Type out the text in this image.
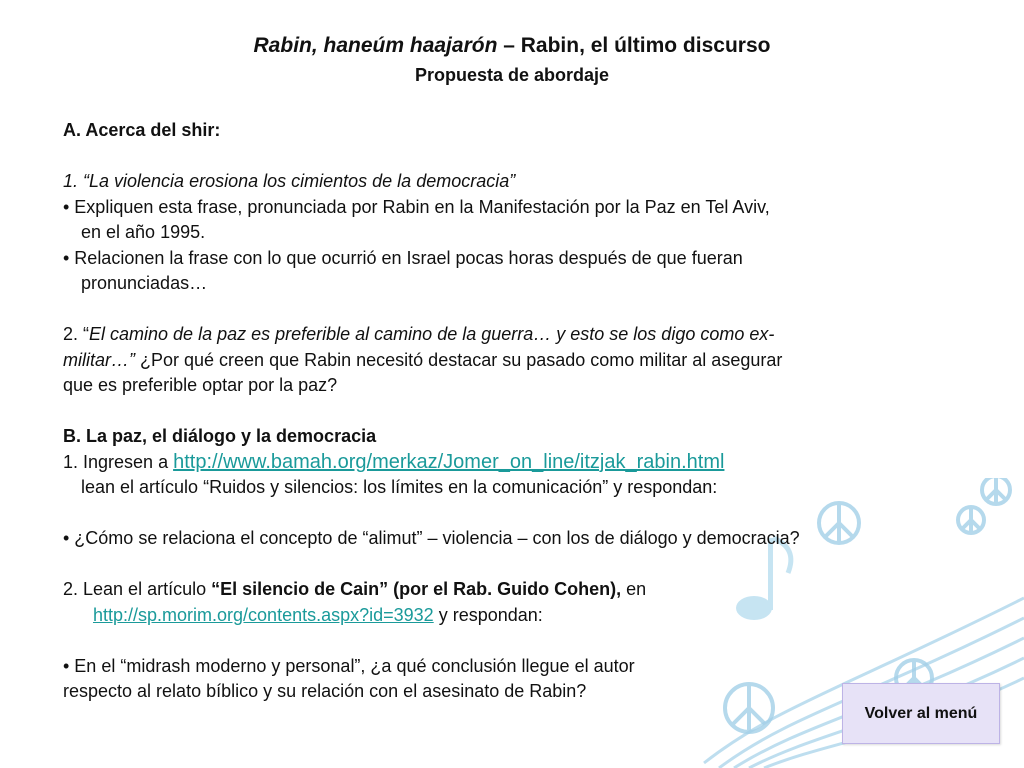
Rabin, haneúm haajarón – Rabin, el último discurso
Propuesta de abordaje

A. Acerca del shir:

1. “La violencia erosiona los cimientos de la democracia”

• Expliquen esta frase, pronunciada por Rabin en la Manifestación por la Paz en Tel Aviv,

en el año 1995.

• Relacionen la frase con lo que ocurrió en Israel pocas horas después de que fueran

pronunciadas…

2. “El camino de la paz es preferible al camino de la guerra… y esto se los digo como ex-

militar…” ¿Por qué creen que Rabin necesitó destacar su pasado como militar al asegurar

que es preferible optar por la paz?

B. La paz, el diálogo y la democracia

1. Ingresen a http://www.bamah.org/merkaz/Jomer_on_line/itzjak_rabin.html

lean el artículo “Ruidos y silencios: los límites en la comunicación” y respondan:

• ¿Cómo se relaciona el concepto de “alimut” – violencia – con los de diálogo y democracia?

2. Lean el artículo “El silencio de Cain” (por el Rab. Guido Cohen), en

http://sp.morim.org/contents.aspx?id=3932 y respondan:

• En el “midrash moderno y personal”, ¿a qué conclusión llegue el autor

respecto al relato bíblico y su relación con el asesinato de Rabin?

Volver al menú
